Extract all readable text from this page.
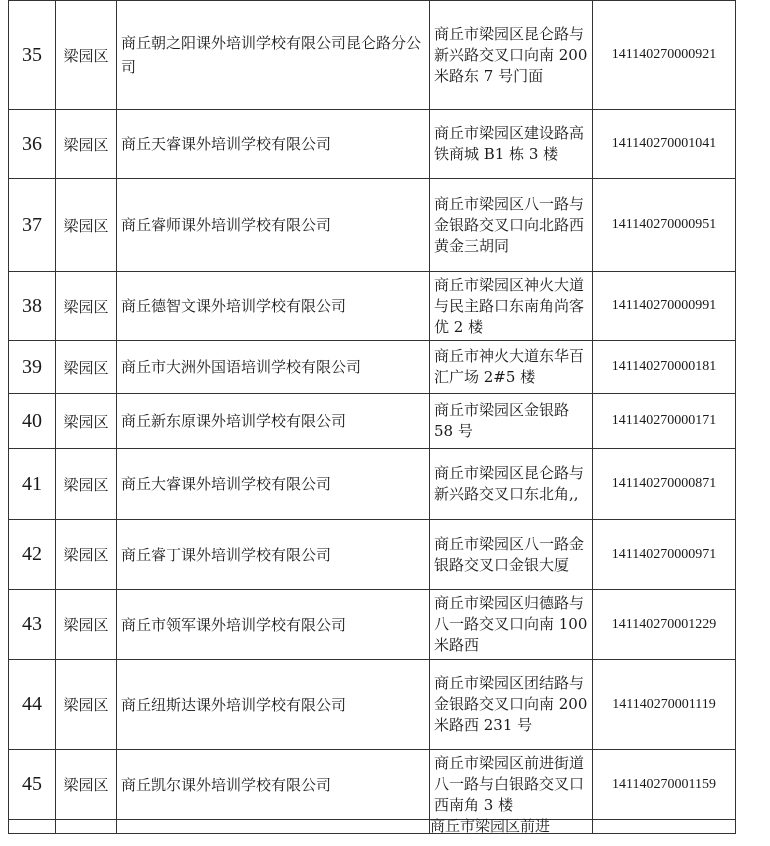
35	梁园区	商丘朝之阳课外培训学校有限公司昆仑路分公司	商丘市梁园区昆仑路与新兴路交叉口向南 200 米路东 7 号门面	141140270000921
36	梁园区	商丘天睿课外培训学校有限公司	商丘市梁园区建设路高铁商城 B1 栋 3 楼	141140270001041
37	梁园区	商丘睿师课外培训学校有限公司	商丘市梁园区八一路与金银路交叉口向北路西黄金三胡同	141140270000951
38	梁园区	商丘德智文课外培训学校有限公司	商丘市梁园区神火大道与民主路口东南角尚客优 2 楼	141140270000991
39	梁园区	商丘市大洲外国语培训学校有限公司	商丘市神火大道东华百汇广场 2#5 楼	141140270000181
40	梁园区	商丘新东原课外培训学校有限公司	商丘市梁园区金银路 58 号	141140270000171
41	梁园区	商丘大睿课外培训学校有限公司	商丘市梁园区昆仑路与新兴路交叉口东北角,,	141140270000871
42	梁园区	商丘睿丁课外培训学校有限公司	商丘市梁园区八一路金银路交叉口金银大厦	141140270000971
43	梁园区	商丘市领军课外培训学校有限公司	商丘市梁园区归德路与八一路交叉口向南 100 米路西	141140270001229
44	梁园区	商丘纽斯达课外培训学校有限公司	商丘市梁园区团结路与金银路交叉口向南 200 米路西 231 号	141140270001119
45	梁园区	商丘凯尔课外培训学校有限公司	商丘市梁园区前进街道八一路与白银路交叉口西南角 3 楼	141140270001159

			商丘市梁园区前进	
